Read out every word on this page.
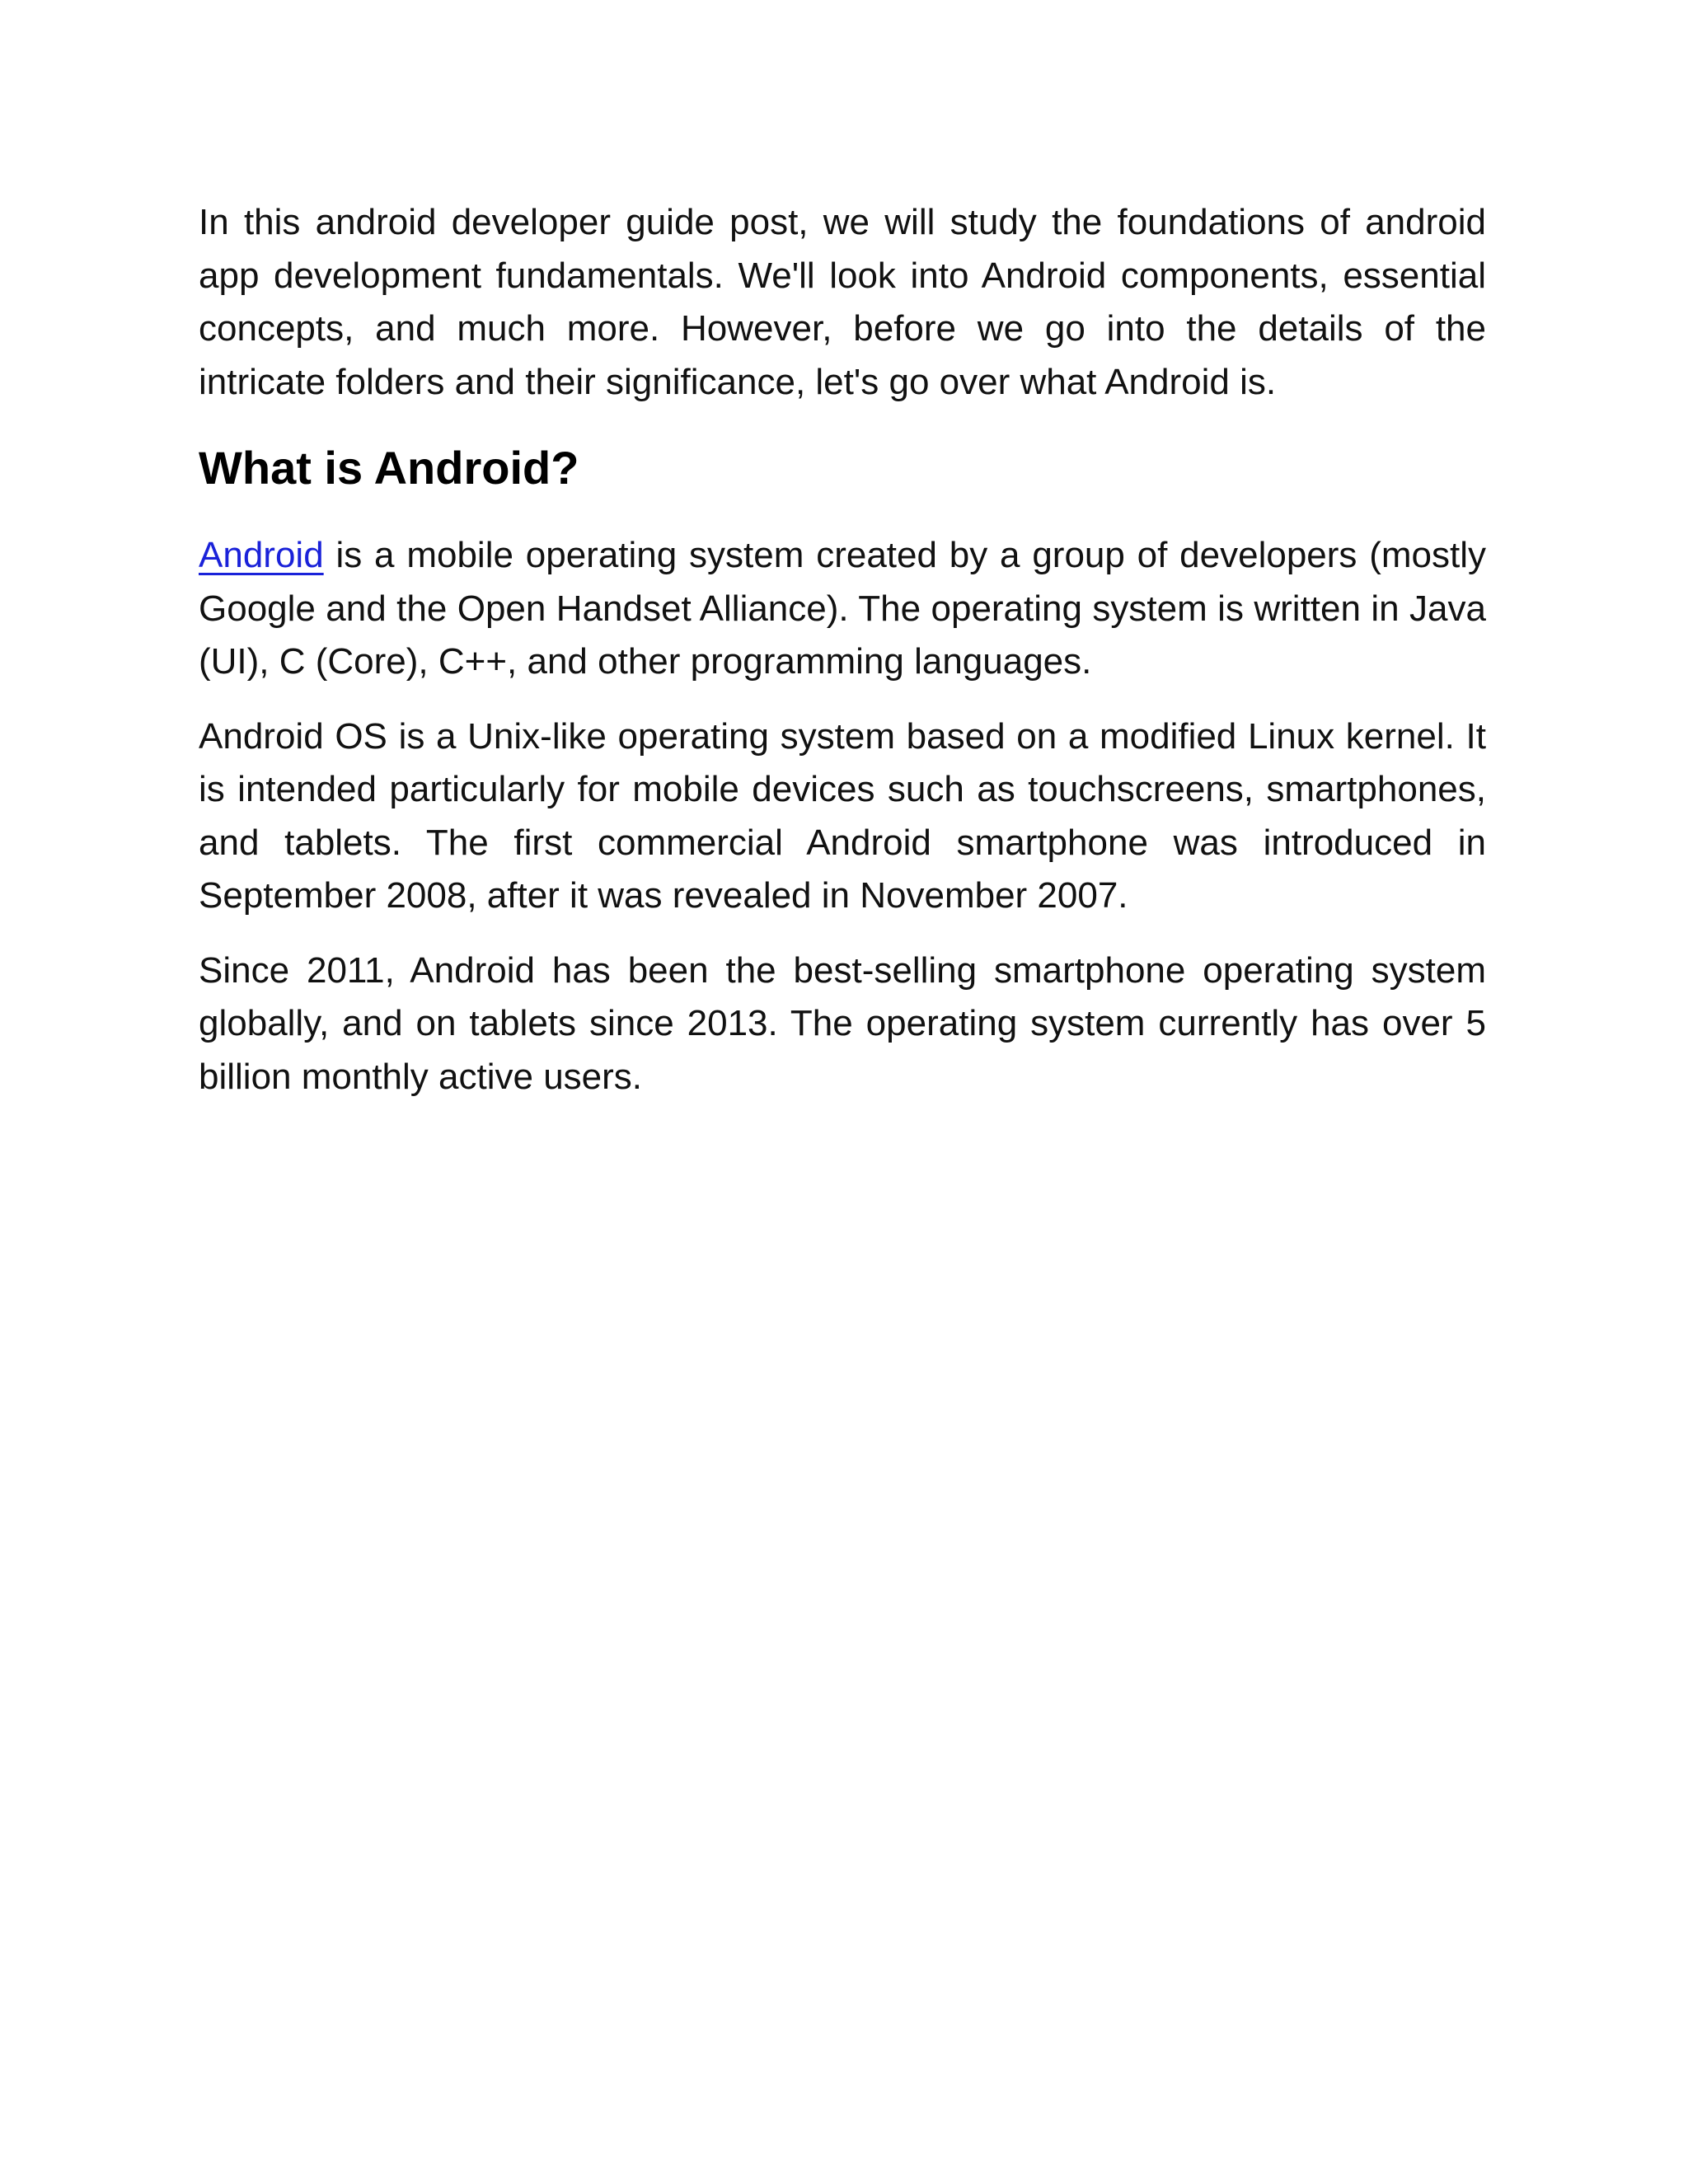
In this android developer guide post, we will study the foundations of android app development fundamentals. We'll look into Android components, essential concepts, and much more. However, before we go into the details of the intricate folders and their significance, let's go over what Android is.

What is Android?

Android is a mobile operating system created by a group of developers (mostly Google and the Open Handset Alliance). The operating system is written in Java (UI), C (Core), C++, and other programming languages.

Android OS is a Unix-like operating system based on a modified Linux kernel. It is intended particularly for mobile devices such as touchscreens, smartphones, and tablets. The first commercial Android smartphone was introduced in September 2008, after it was revealed in November 2007.

Since 2011, Android has been the best-selling smartphone operating system globally, and on tablets since 2013. The operating system currently has over 5 billion monthly active users.
